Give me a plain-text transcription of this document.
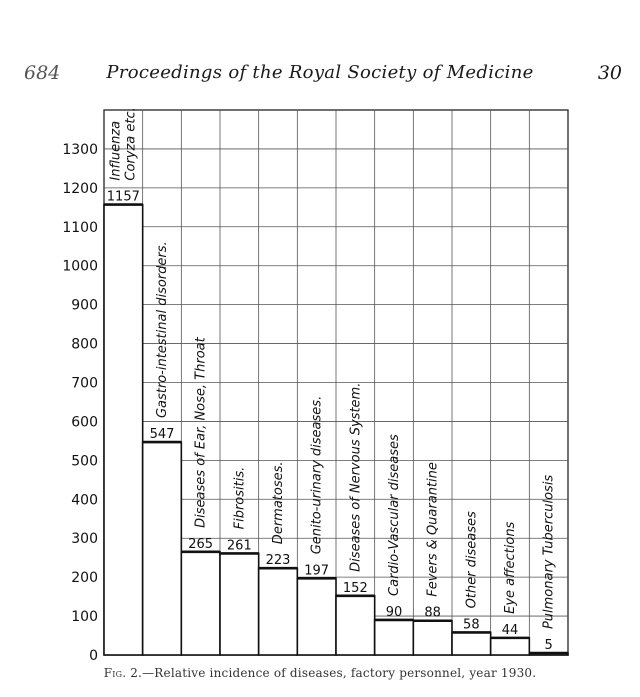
684	Proceedings of the Royal Society of Medicine	30
1157
InfluenzaCoryza etc.
547
Gastro-intestinal disorders.
265
Diseases of Ear, Nose, Throat
261
Fibrositis.
223
Dermatoses.
197
Genito-urinary diseases.
152
Diseases of Nervous System.
90
Cardio-Vascular diseases
88
Fevers & Quarantine
58
Other diseases
44
Eye affections
5
Pulmonary Tuberculosis
0
100
200
300
400
500
600
700
800
900
1000
1100
1200
1300
Fig. 2.—Relative incidence of diseases, factory personnel, year 1930.
